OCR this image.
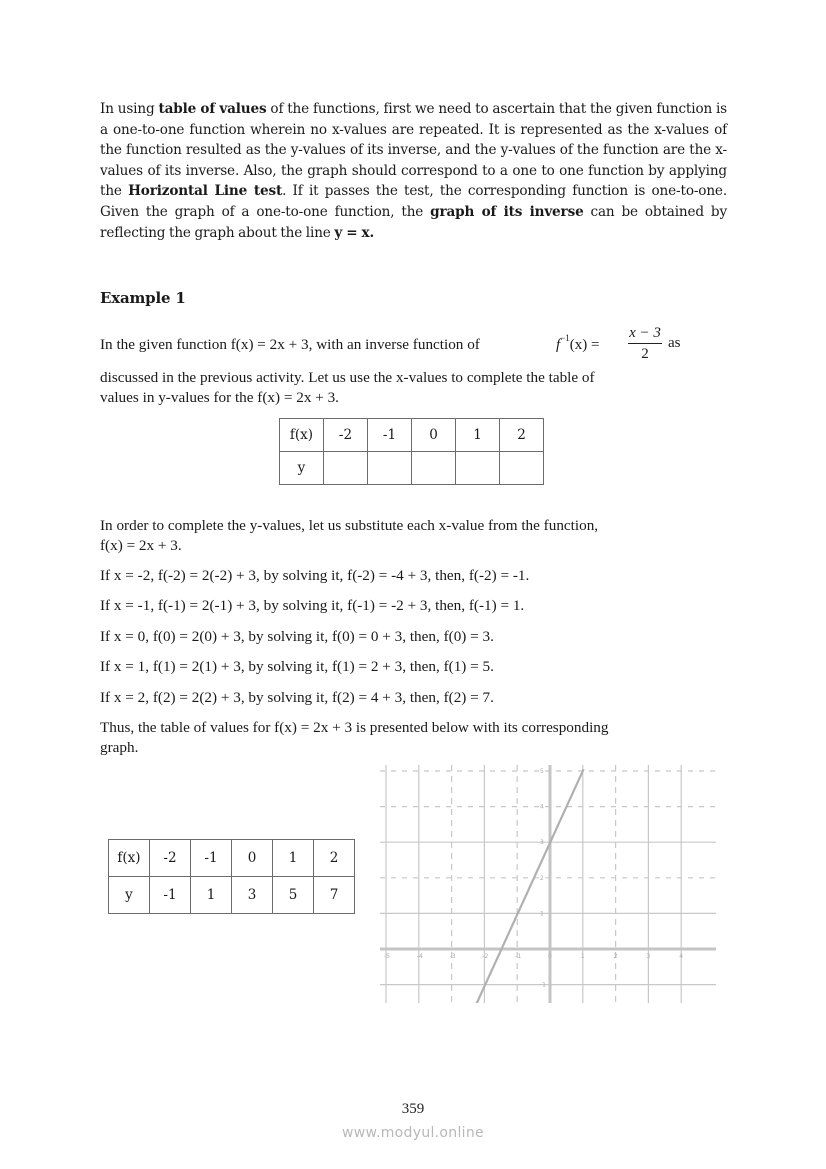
In using table of values of the functions, first we need to ascertain that the given function is a one-to-one function wherein no x-values are repeated. It is represented as the x-values of the function resulted as the y-values of its inverse, and the y-values of the function are the x-values of its inverse. Also, the graph should correspond to a one to one function by applying the Horizontal Line test. If it passes the test, the corresponding function is one-to-one. Given the graph of a one-to-one function, the graph of its inverse can be obtained by reflecting the graph about the line y = x.

Example 1
In the given function f(x) = 2x + 3, with an inverse function of	$f^{-1}(x)$ =
x − 3
2
as
discussed in the previous activity. Let us use the x-values to complete the table of
values in y-values for the f(x) = 2x + 3.
f(x)	-2	-1	0	1	2
y					
In order to complete the y-values, let us substitute each x-value from the function,
f(x) = 2x + 3.
If x = -2, f(-2) = 2(-2) + 3, by solving it, f(-2) = -4 + 3, then, f(-2) = -1.
If x = -1, f(-1) = 2(-1) + 3, by solving it, f(-1) = -2 + 3, then, f(-1) = 1.
If x = 0, f(0) = 2(0) + 3, by solving it, f(0) = 0 + 3, then, f(0) = 3.
If x = 1, f(1) = 2(1) + 3, by solving it, f(1) = 2 + 3, then, f(1) = 5.
If x = 2, f(2) = 2(2) + 3, by solving it, f(2) = 4 + 3, then, f(2) = 7.
Thus, the table of values for f(x) = 2x + 3 is presented below with its corresponding
graph.
f(x)	-2	-1	0	1	2
y	-1	1	3	5	7
-5	-4	-3	-2	-1	0	1	2	3	4
5
4
3
2
1
-1
359
www.modyul.online
